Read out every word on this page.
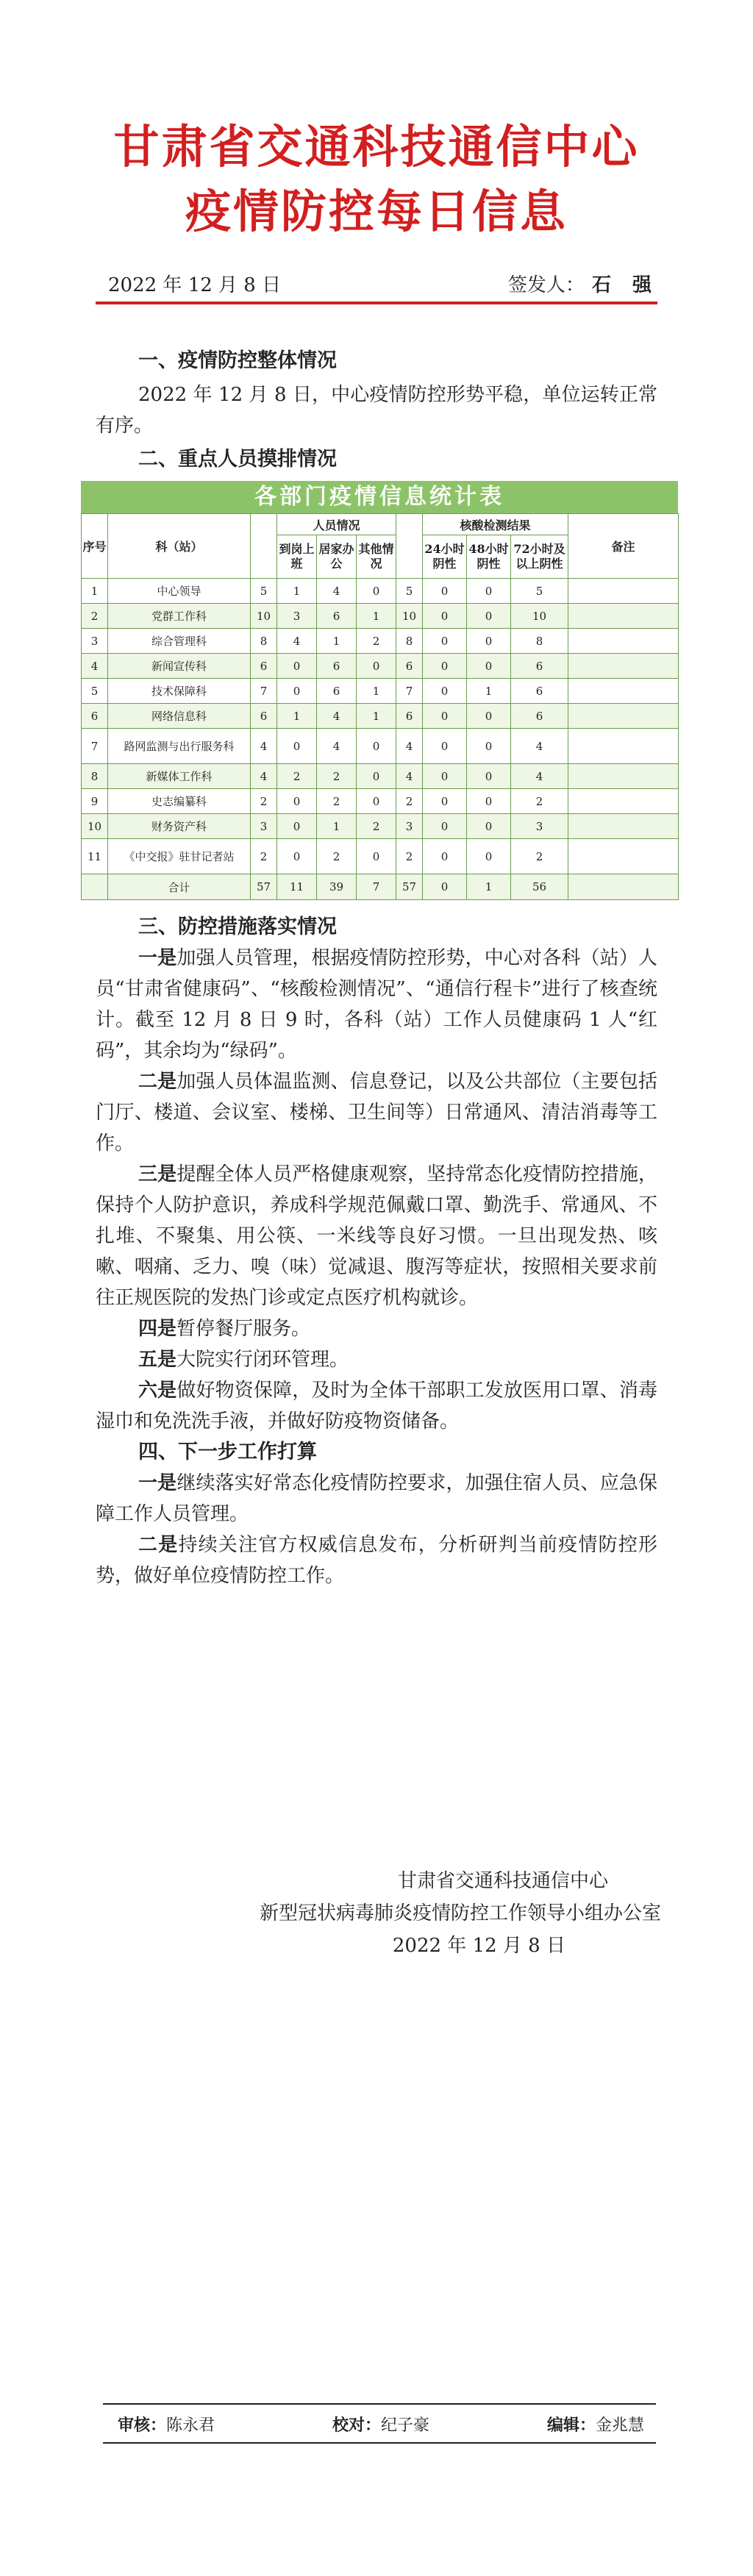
甘肃省交通科技通信中心
疫情防控每日信息
2022 年 12 月 8 日	签发人： 石 强

一、疫情防控整体情况

2022 年 12 月 8 日，中心疫情防控形势平稳，单位运转正常有序。

二、重点人员摸排情况

各部门疫情信息统计表
序号	科（站）		人员情况				核酸检测结果			备注
			到岗上班	居家办公	其他情况		24小时阴性	48小时阴性	72小时及以上阴性	
1	中心领导	5	1	4	0	5	0	0	5	
2	党群工作科	10	3	6	1	10	0	0	10	
3	综合管理科	8	4	1	2	8	0	0	8	
4	新闻宣传科	6	0	6	0	6	0	0	6	
5	技术保障科	7	0	6	1	7	0	1	6	
6	网络信息科	6	1	4	1	6	0	0	6	
7	路网监测与出行服务科	4	0	4	0	4	0	0	4	
8	新媒体工作科	4	2	2	0	4	0	0	4	
9	史志编纂科	2	0	2	0	2	0	0	2	
10	财务资产科	3	0	1	2	3	0	0	3	
11	《中交报》驻甘记者站	2	0	2	0	2	0	0	2	
	合计	57	11	39	7	57	0	1	56	

三、防控措施落实情况

一是加强人员管理，根据疫情防控形势，中心对各科（站）人员“甘肃省健康码”、“核酸检测情况”、“通信行程卡”进行了核查统计。截至 12 月 8 日 9 时，各科（站）工作人员健康码 1 人“红码”，其余均为“绿码”。

二是加强人员体温监测、信息登记，以及公共部位（主要包括门厅、楼道、会议室、楼梯、卫生间等）日常通风、清洁消毒等工作。

三是提醒全体人员严格健康观察，坚持常态化疫情防控措施，保持个人防护意识，养成科学规范佩戴口罩、勤洗手、常通风、不扎堆、不聚集、用公筷、一米线等良好习惯。一旦出现发热、咳嗽、咽痛、乏力、嗅（味）觉减退、腹泻等症状，按照相关要求前往正规医院的发热门诊或定点医疗机构就诊。

四是暂停餐厅服务。

五是大院实行闭环管理。

六是做好物资保障，及时为全体干部职工发放医用口罩、消毒湿巾和免洗洗手液，并做好防疫物资储备。

四、下一步工作打算

一是继续落实好常态化疫情防控要求，加强住宿人员、应急保障工作人员管理。

二是持续关注官方权威信息发布，分析研判当前疫情防控形势，做好单位疫情防控工作。

甘肃省交通科技通信中心
新型冠状病毒肺炎疫情防控工作领导小组办公室
2022 年 12 月 8 日
审核：陈永君	校对：纪子豪	编辑：金兆慧
